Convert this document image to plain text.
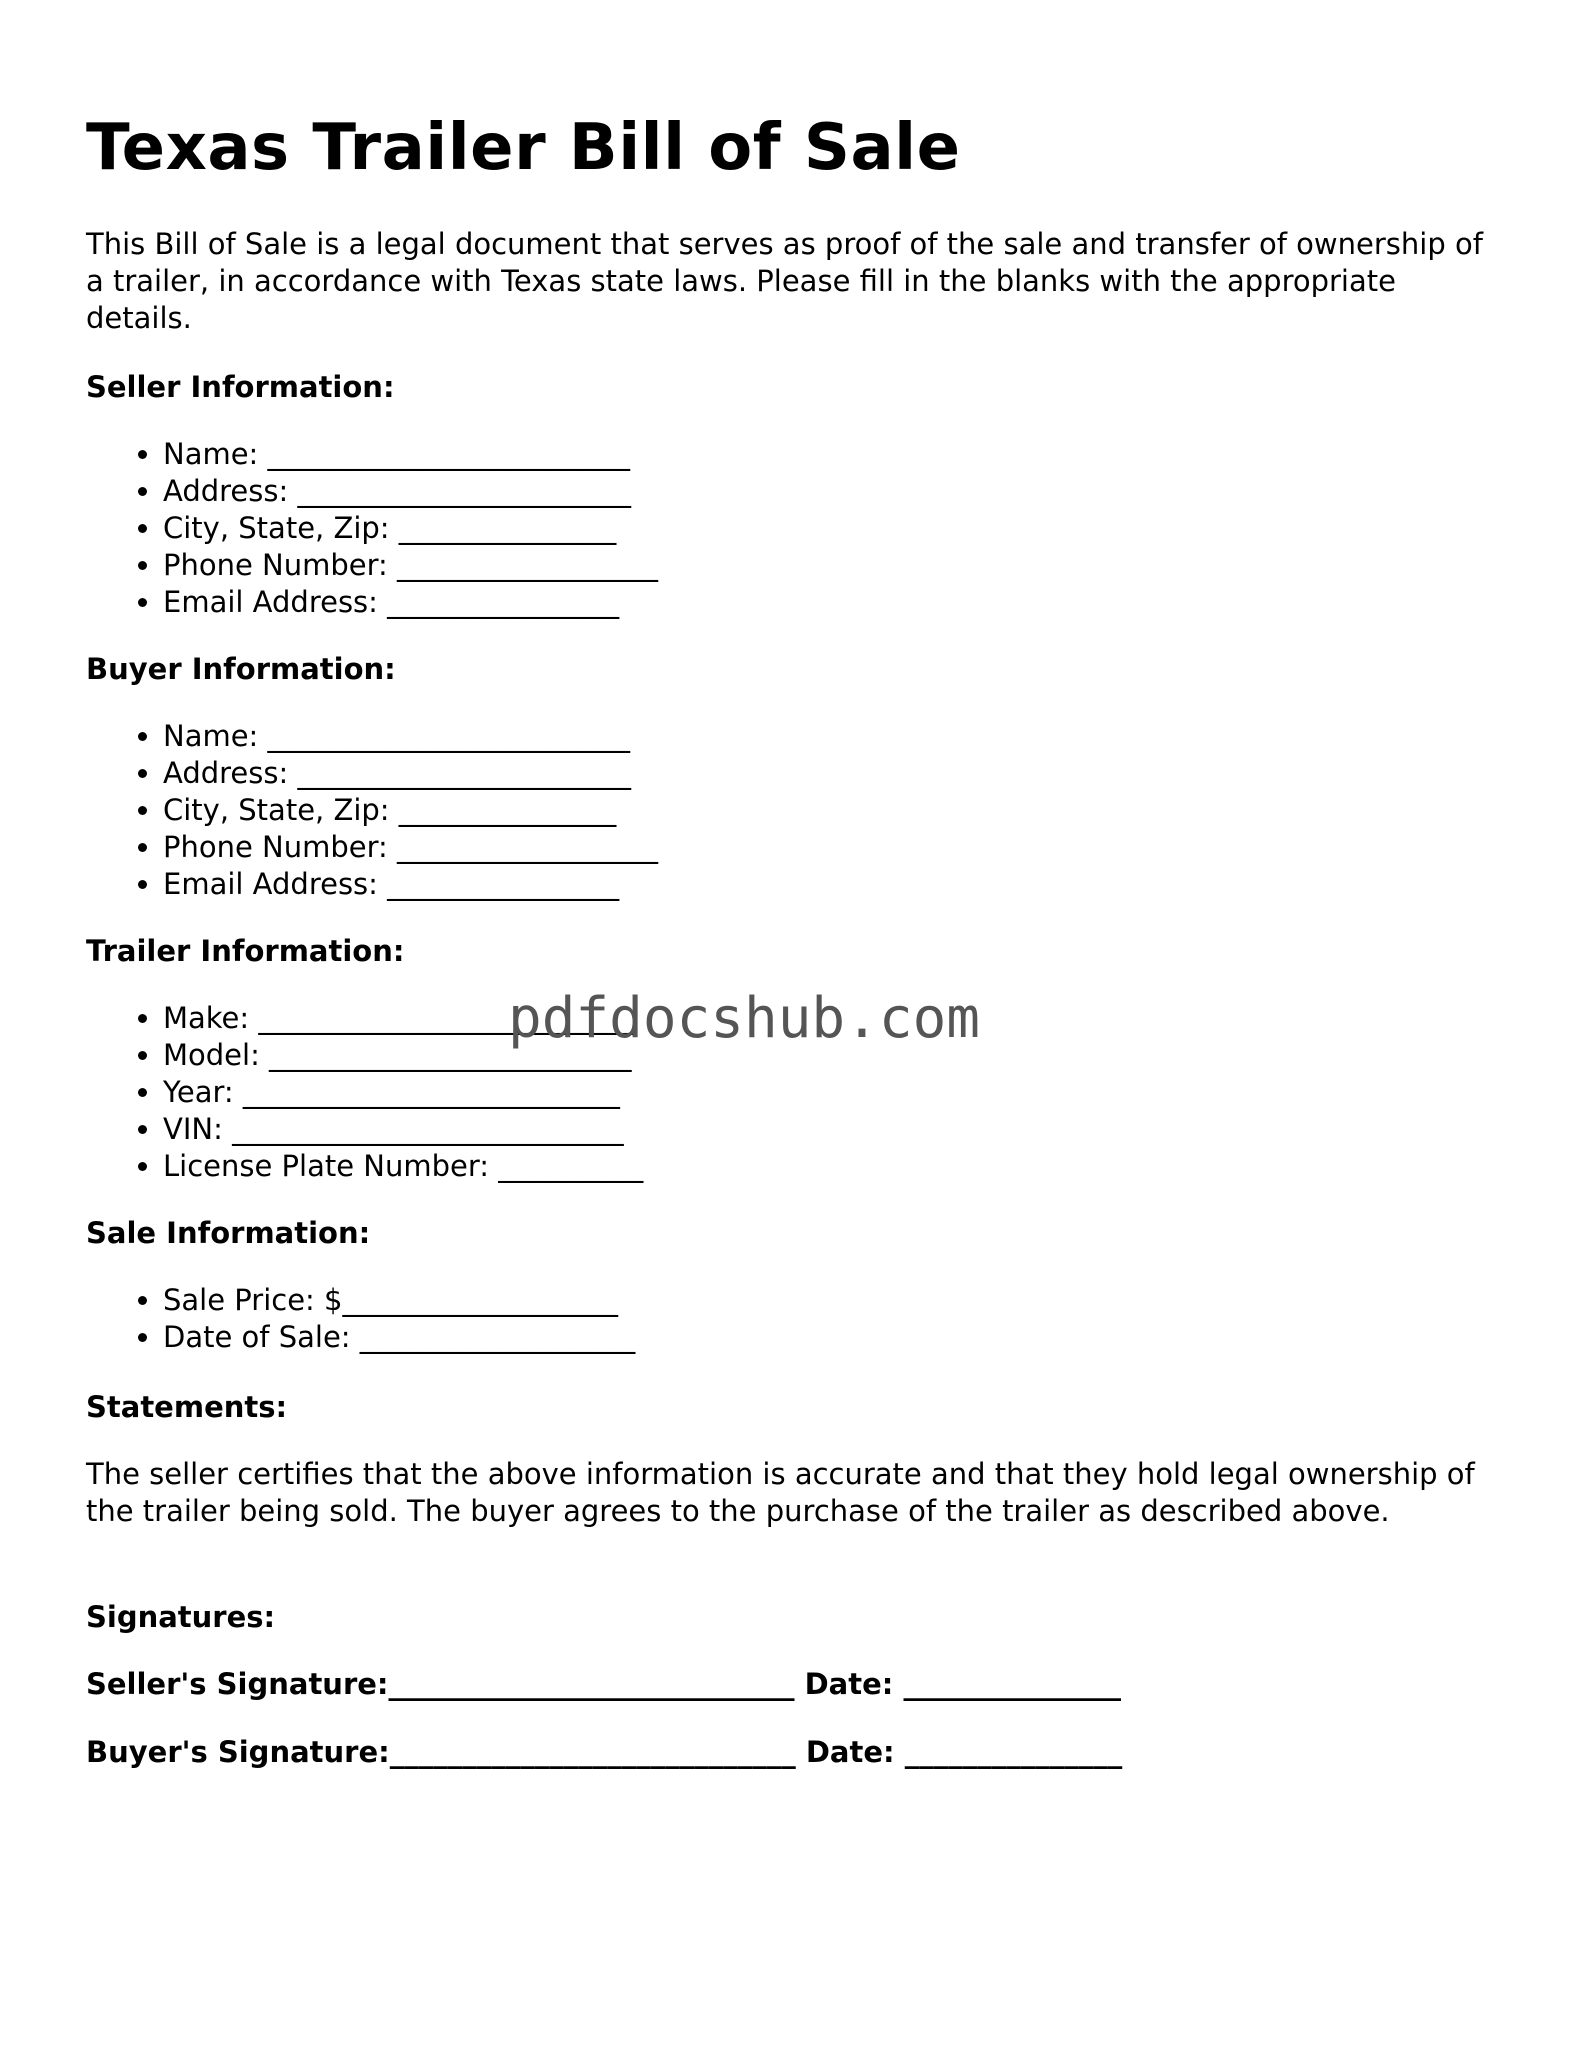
Texas Trailer Bill of Sale

This Bill of Sale is a legal document that serves as proof of the sale and transfer of ownership of a trailer, in accordance with Texas state laws. Please fill in the blanks with the appropriate details.

Seller Information:
• Name: _________________________
• Address: _______________________
• City, State, Zip: _______________
• Phone Number: __________________
• Email Address: ________________
Buyer Information:
• Name: _________________________
• Address: _______________________
• City, State, Zip: _______________
• Phone Number: __________________
• Email Address: ________________
Trailer Information:
• Make: __________________________
• Model: _________________________
• Year: __________________________
• VIN: ___________________________
• License Plate Number: __________
Sale Information:
• Sale Price: $___________________
• Date of Sale: ___________________
Statements:

The seller certifies that the above information is accurate and that they hold legal ownership of the trailer being sold. The buyer agrees to the purchase of the trailer as described above.

Signatures:
Seller's Signature:____________________________ Date: _______________
Buyer's Signature:____________________________ Date: _______________
pdfdocshub.com
